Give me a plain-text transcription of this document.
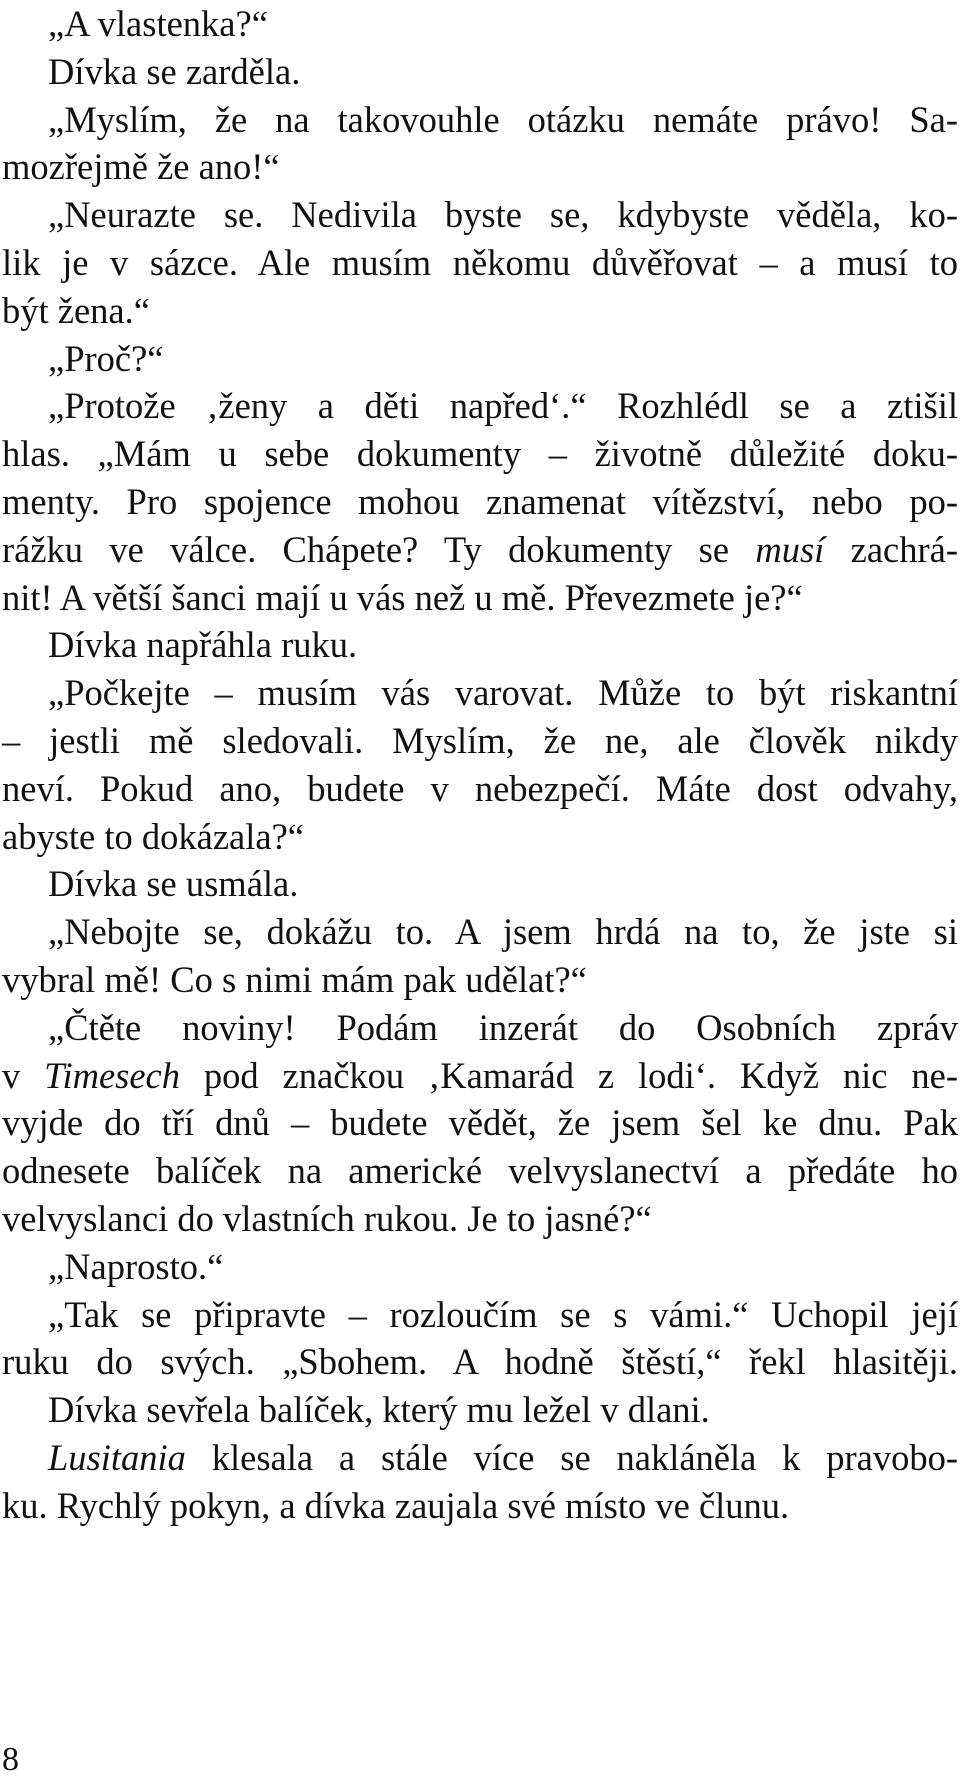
„A vlastenka?“
Dívka se zarděla.
„Myslím, že na takovouhle otázku nemáte právo! Sa-
mozřejmě že ano!“
„Neurazte se. Nedivila byste se, kdybyste věděla, ko-
lik je v sázce. Ale musím někomu důvěřovat – a musí to
být žena.“
„Proč?“
„Protože ‚ženy a děti napřed‘.“ Rozhlédl se a ztišil
hlas. „Mám u sebe dokumenty – životně důležité doku-
menty. Pro spojence mohou znamenat vítězství, nebo po-
rážku ve válce. Chápete? Ty dokumenty se musí zachrá-
nit! A větší šanci mají u vás než u mě. Převezmete je?“
Dívka napřáhla ruku.
„Počkejte – musím vás varovat. Může to být riskantní
– jestli mě sledovali. Myslím, že ne, ale člověk nikdy
neví. Pokud ano, budete v nebezpečí. Máte dost odvahy,
abyste to dokázala?“
Dívka se usmála.
„Nebojte se, dokážu to. A jsem hrdá na to, že jste si
vybral mě! Co s nimi mám pak udělat?“
„Čtěte noviny! Podám inzerát do Osobních zpráv
v Timesech pod značkou ‚Kamarád z lodi‘. Když nic ne-
vyjde do tří dnů – budete vědět, že jsem šel ke dnu. Pak
odnesete balíček na americké velvyslanectví a předáte ho
velvyslanci do vlastních rukou. Je to jasné?“
„Naprosto.“
„Tak se připravte – rozloučím se s vámi.“ Uchopil její
ruku do svých. „Sbohem. A hodně štěstí,“ řekl hlasitěji.
Dívka sevřela balíček, který mu ležel v dlani.
Lusitania klesala a stále více se nakláněla k pravobo-
ku. Rychlý pokyn, a dívka zaujala své místo ve člunu.
8
